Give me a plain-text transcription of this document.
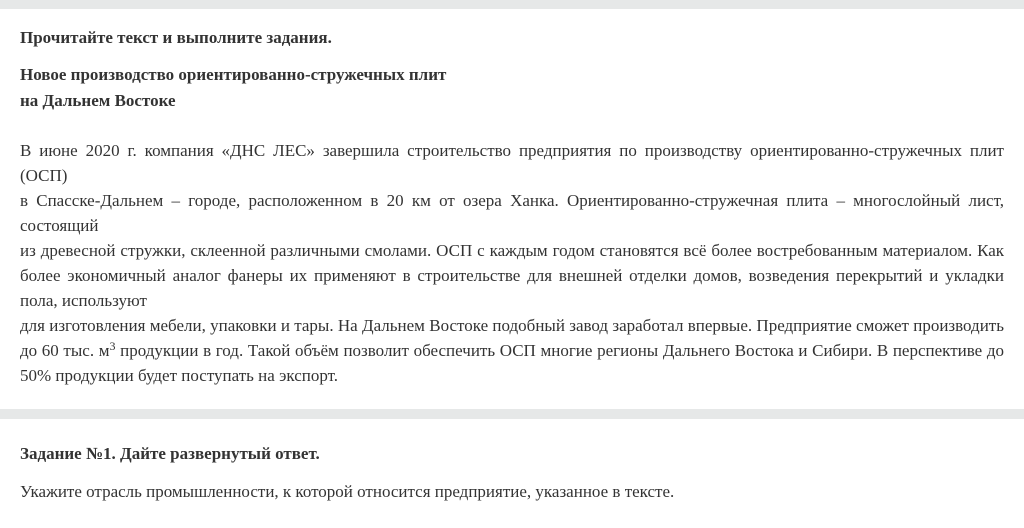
Прочитайте текст и выполните задания.

Новое производство ориентированно-стружечных плит
на Дальнем Востоке
В июне 2020 г. компания «ДНС ЛЕС» завершила строительство предприятия по производству ориентированно-стружечных плит (ОСП)
в Спасске-Дальнем – городе, расположенном в 20 км от озера Ханка. Ориентированно-стружечная плита – многослойный лист, состоящий
из древесной стружки, склеенной различными смолами. ОСП с каждым годом становятся всё более востребованным материалом. Как более экономичный аналог фанеры их применяют в строительстве для внешней отделки домов, возведения перекрытий и укладки пола, используют
для изготовления мебели, упаковки и тары. На Дальнем Востоке подобный завод заработал впервые. Предприятие сможет производить до 60 тыс. $м^3$ продукции в год. Такой объём позволит обеспечить ОСП многие регионы Дальнего Востока и Сибири. В перспективе до 50% продукции будет поступать на экспорт.

Задание №1. Дайте развернутый ответ.

Укажите отрасль промышленности, к которой относится предприятие, указанное в тексте.
